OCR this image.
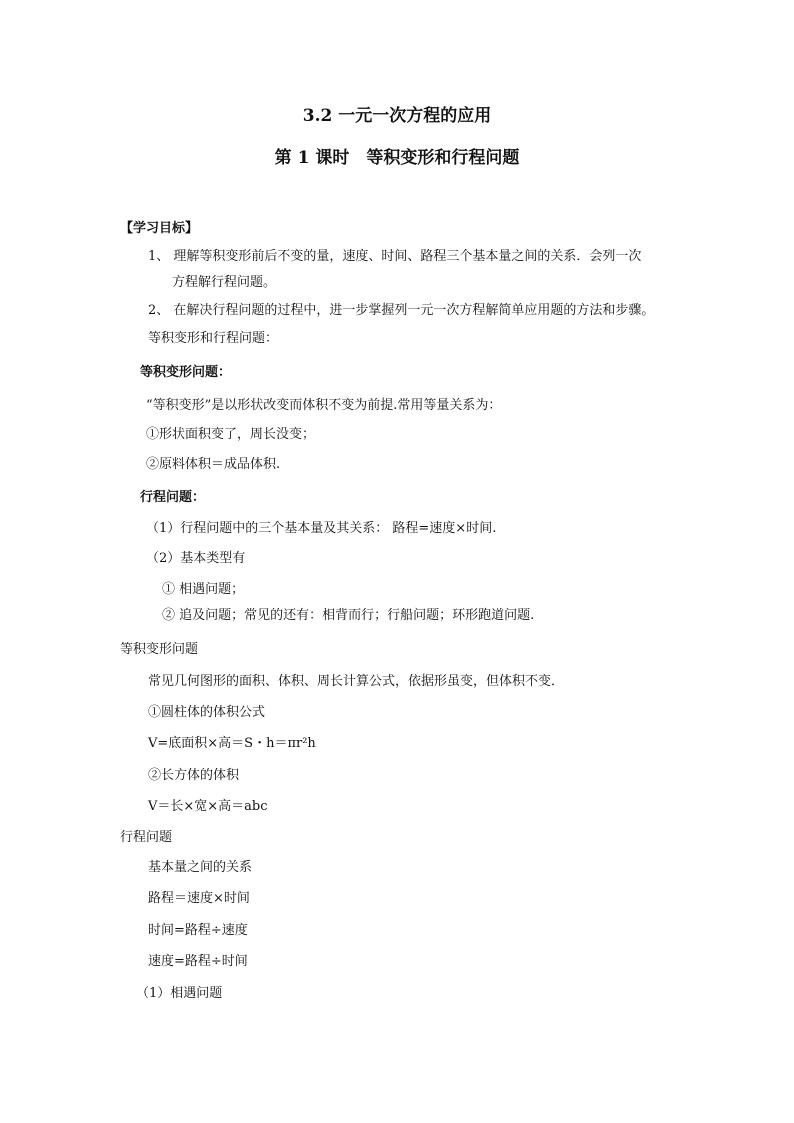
3.2 一元一次方程的应用
第 1 课时　等积变形和行程问题
【学习目标】
1、 理解等积变形前后不变的量，速度、时间、路程三个基本量之间的关系．会列一次
方程解行程问题。
2、 在解决行程问题的过程中，进一步掌握列一元一次方程解简单应用题的方法和步骤。
等积变形和行程问题：
等积变形问题：
“等积变形”是以形状改变而体积不变为前提.常用等量关系为：
①形状面积变了，周长没变；
②原料体积＝成品体积.
行程问题：
（1）行程问题中的三个基本量及其关系： 路程=速度×时间.
（2）基本类型有
① 相遇问题；
② 追及问题；常见的还有：相背而行；行船问题；环形跑道问题.
等积变形问题
常见几何图形的面积、体积、周长计算公式，依据形虽变，但体积不变．
①圆柱体的体积公式
V=底面积×高＝S・h＝πr²h
②长方体的体积
V＝长×宽×高＝abc
行程问题
基本量之间的关系
路程＝速度×时间
时间=路程÷速度
速度=路程÷时间
（1）相遇问题
